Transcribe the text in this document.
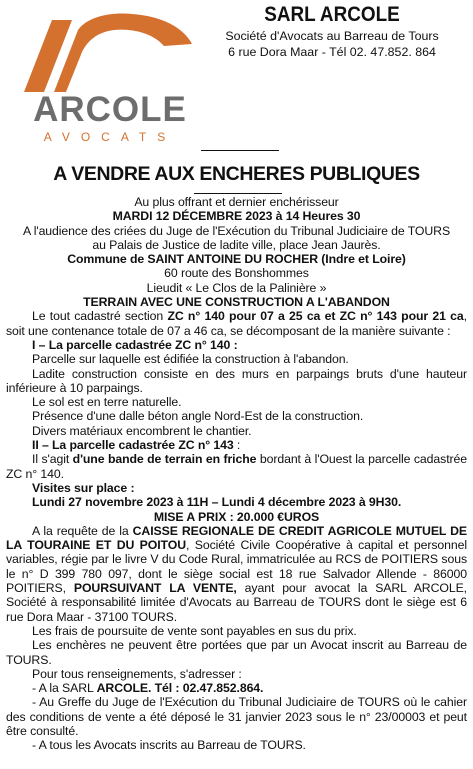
ARCOLE
AVOCATS
SARL ARCOLE
Société d'Avocats au Barreau de Tours
6 rue Dora Maar - Tél 02. 47.852. 864
A VENDRE AUX ENCHERES PUBLIQUES

Au plus offrant et dernier enchérisseur

MARDI 12 DÉCEMBRE 2023 à 14 Heures 30

A l'audience des criées du Juge de l'Exécution du Tribunal Judiciaire de TOURS

au Palais de Justice de ladite ville, place Jean Jaurès.

Commune de SAINT ANTOINE DU ROCHER (Indre et Loire)

60 route des Bonshommes

Lieudit « Le Clos de la Palinière »

TERRAIN AVEC UNE CONSTRUCTION A L'ABANDON

Le tout cadastré section ZC n° 140 pour 07 a 25 ca et ZC n° 143 pour 21 ca, soit une contenance totale de 07 a 46 ca, se décomposant de la manière suivante :

I – La parcelle cadastrée ZC n° 140 :

Parcelle sur laquelle est édifiée la construction à l'abandon.

Ladite construction consiste en des murs en parpaings bruts d'une hauteur inférieure à 10 parpaings.

Le sol est en terre naturelle.

Présence d'une dalle béton angle Nord-Est de la construction.

Divers matériaux encombrent le chantier.

II – La parcelle cadastrée ZC n° 143 :

Il s'agit d'une bande de terrain en friche bordant à l'Ouest la parcelle cadastrée ZC n° 140.

Visites sur place :

Lundi 27 novembre 2023 à 11H – Lundi 4 décembre 2023 à 9H30.

MISE A PRIX : 20.000 €UROS

A la requête de la CAISSE REGIONALE DE CREDIT AGRICOLE MUTUEL DE LA TOURAINE ET DU POITOU, Société Civile Coopérative à capital et personnel variables, régie par le livre V du Code Rural, immatriculée au RCS de POITIERS sous le n° D 399 780 097, dont le siège social est 18 rue Salvador Allende - 86000 POITIERS, POURSUIVANT LA VENTE, ayant pour avocat la SARL ARCOLE, Société à responsabilité limitée d'Avocats au Barreau de TOURS dont le siège est 6 rue Dora Maar - 37100 TOURS.

Les frais de poursuite de vente sont payables en sus du prix.

Les enchères ne peuvent être portées que par un Avocat inscrit au Barreau de TOURS.

Pour tous renseignements, s'adresser :

- A la SARL ARCOLE. Tél : 02.47.852.864.

- Au Greffe du Juge de l'Exécution du Tribunal Judiciaire de TOURS où le cahier des conditions de vente a été déposé le 31 janvier 2023 sous le n° 23/00003 et peut être consulté.

- A tous les Avocats inscrits au Barreau de TOURS.
